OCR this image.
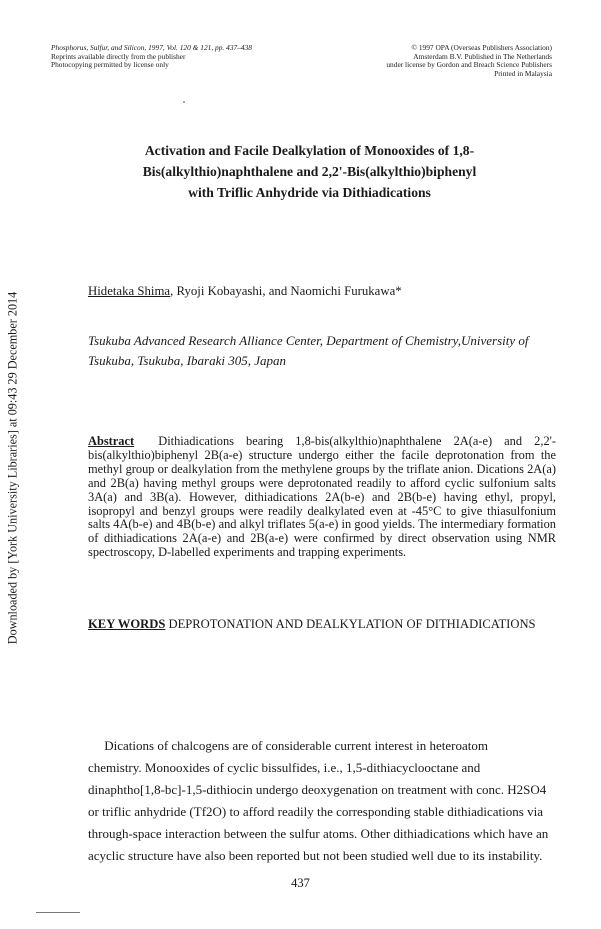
Downloaded by [York University Libraries] at 09:43 29 December 2014
Phosphorus, Sulfur, and Silicon, 1997, Vol. 120 & 121, pp. 437–438
Reprints available directly from the publisher
Photocopying permitted by license only
© 1997 OPA (Overseas Publishers Association)
Amsterdam B.V. Published in The Netherlands
under license by Gordon and Breach Science Publishers
Printed in Malaysia
Activation and Facile Dealkylation of Monooxides of 1,8-
Bis(alkylthio)naphthalene and 2,2'-Bis(alkylthio)biphenyl
with Triflic Anhydride via Dithiadications
Hidetaka Shima, Ryoji Kobayashi, and Naomichi Furukawa*
Tsukuba Advanced Research Alliance Center, Department of Chemistry,University of Tsukuba, Tsukuba, Ibaraki 305, Japan
Abstract Dithiadications bearing 1,8-bis(alkylthio)naphthalene 2A(a-e) and 2,2'-bis(alkylthio)biphenyl 2B(a-e) structure undergo either the facile deprotonation from the methyl group or dealkylation from the methylene groups by the triflate anion. Dications 2A(a) and 2B(a) having methyl groups were deprotonated readily to afford cyclic sulfonium salts 3A(a) and 3B(a). However, dithiadications 2A(b-e) and 2B(b-e) having ethyl, propyl, isopropyl and benzyl groups were readily dealkylated even at -45°C to give thiasulfonium salts 4A(b-e) and 4B(b-e) and alkyl triflates 5(a-e) in good yields. The intermediary formation of dithiadications 2A(a-e) and 2B(a-e) were confirmed by direct observation using NMR spectroscopy, D-labelled experiments and trapping experiments.
KEY WORDS DEPROTONATION AND DEALKYLATION OF DITHIADICATIONS
Dications of chalcogens are of considerable current interest in heteroatom
chemistry. Monooxides of cyclic bissulfides, i.e., 1,5-dithiacyclooctane and
dinaphtho[1,8-bc]-1,5-dithiocin undergo deoxygenation on treatment with conc. H2SO4
or triflic anhydride (Tf2O) to afford readily the corresponding stable dithiadications via
through-space interaction between the sulfur atoms. Other dithiadications which have an
acyclic structure have also been reported but not been studied well due to its instability.
437
